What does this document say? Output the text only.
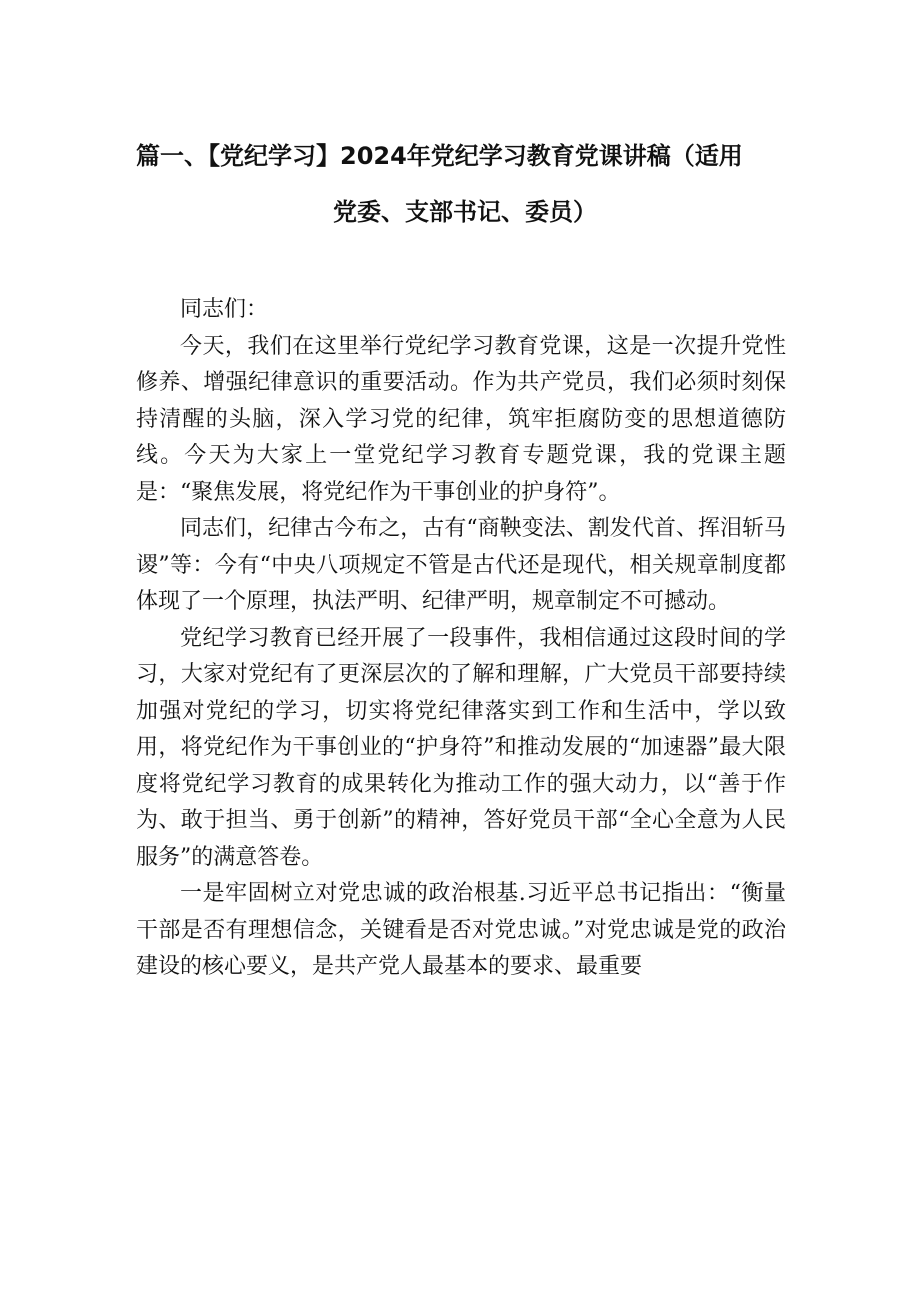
篇一、【党纪学习】2024年党纪学习教育党课讲稿（适用
党委、支部书记、委员）

同志们：

今天，我们在这里举行党纪学习教育党课，这是一次提升党性修养、增强纪律意识的重要活动。作为共产党员，我们必须时刻保持清醒的头脑，深入学习党的纪律，筑牢拒腐防变的思想道德防线。今天为大家上一堂党纪学习教育专题党课，我的党课主题是：“聚焦发展，将党纪作为干事创业的护身符”。

同志们，纪律古今布之，古有“商鞅变法、割发代首、挥泪斩马谡”等：今有“中央八项规定不管是古代还是现代，相关规章制度都体现了一个原理，执法严明、纪律严明，规章制定不可撼动。

党纪学习教育已经开展了一段事件，我相信通过这段时间的学习，大家对党纪有了更深层次的了解和理解，广大党员干部要持续加强对党纪的学习，切实将党纪律落实到工作和生活中，学以致用，将党纪作为干事创业的“护身符”和推动发展的“加速器”最大限度将党纪学习教育的成果转化为推动工作的强大动力，以“善于作为、敢于担当、勇于创新”的精神，答好党员干部“全心全意为人民服务”的满意答卷。

一是牢固树立对党忠诚的政治根基.习近平总书记指出：“衡量干部是否有理想信念，关键看是否对党忠诚。”对党忠诚是党的政治建设的核心要义，是共产党人最基本的要求、最重要
